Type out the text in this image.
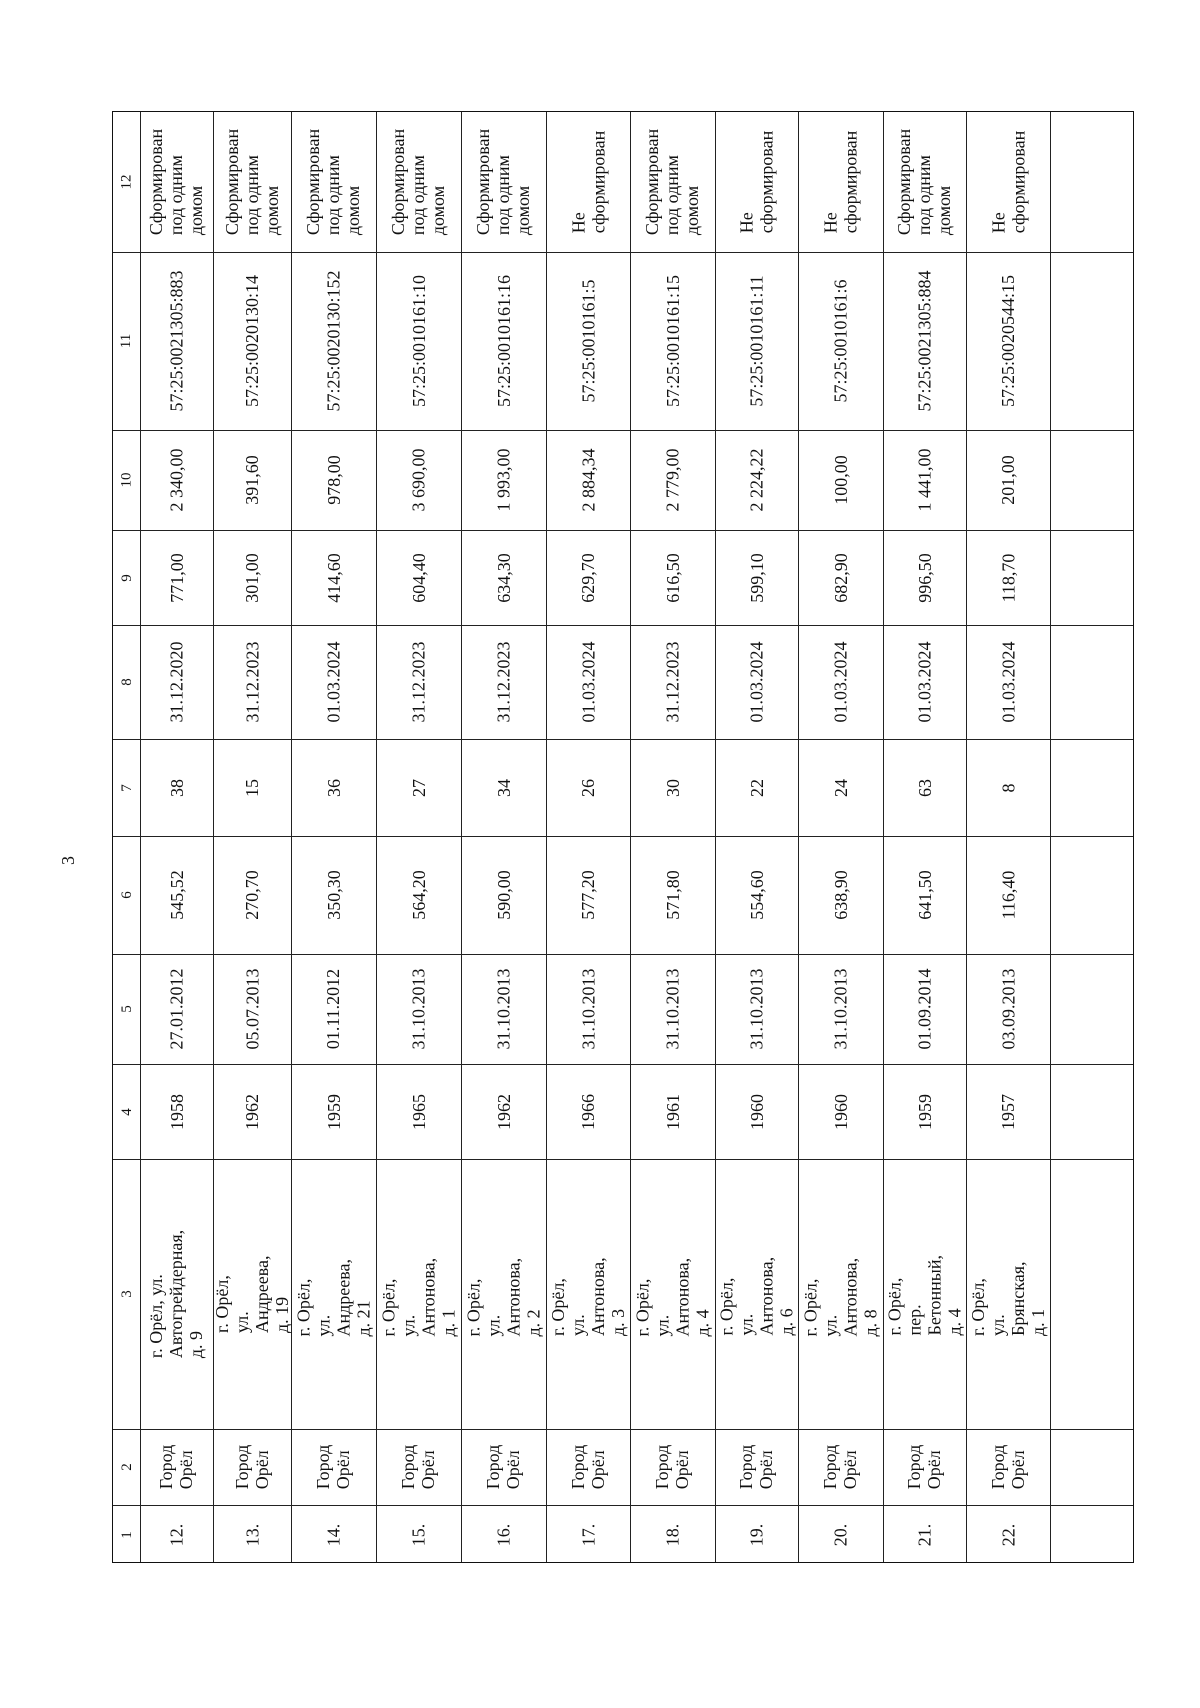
3
1
2
3
4
5
6
7
8
9
10
11
12
12.
Город
Орёл
г. Орёл, ул.
Автогрейдерная,
д. 9
1958
27.01.2012
545,52
38
31.12.2020
771,00
2 340,00
57:25:0021305:883
Сформирован
под одним
домом
13.
Город
Орёл
г. Орёл,
ул. Андреева,
д. 19
1962
05.07.2013
270,70
15
31.12.2023
301,00
391,60
57:25:0020130:14
Сформирован
под одним
домом
14.
Город
Орёл
г. Орёл,
ул. Андреева,
д. 21
1959
01.11.2012
350,30
36
01.03.2024
414,60
978,00
57:25:0020130:152
Сформирован
под одним
домом
15.
Город
Орёл
г. Орёл,
ул. Антонова, д. 1
1965
31.10.2013
564,20
27
31.12.2023
604,40
3 690,00
57:25:0010161:10
Сформирован
под одним
домом
16.
Город
Орёл
г. Орёл,
ул. Антонова, д. 2
1962
31.10.2013
590,00
34
31.12.2023
634,30
1 993,00
57:25:0010161:16
Сформирован
под одним
домом
17.
Город
Орёл
г. Орёл,
ул. Антонова, д. 3
1966
31.10.2013
577,20
26
01.03.2024
629,70
2 884,34
57:25:0010161:5
Не сформирован
18.
Город
Орёл
г. Орёл,
ул. Антонова, д. 4
1961
31.10.2013
571,80
30
31.12.2023
616,50
2 779,00
57:25:0010161:15
Сформирован
под одним
домом
19.
Город
Орёл
г. Орёл,
ул. Антонова, д. 6
1960
31.10.2013
554,60
22
01.03.2024
599,10
2 224,22
57:25:0010161:11
Не сформирован
20.
Город
Орёл
г. Орёл,
ул. Антонова, д. 8
1960
31.10.2013
638,90
24
01.03.2024
682,90
100,00
57:25:0010161:6
Не сформирован
21.
Город
Орёл
г. Орёл,
пер. Бетонный,
д. 4
1959
01.09.2014
641,50
63
01.03.2024
996,50
1 441,00
57:25:0021305:884
Сформирован
под одним
домом
22.
Город
Орёл
г. Орёл,
ул. Брянская, д. 1
1957
03.09.2013
116,40
8
01.03.2024
118,70
201,00
57:25:0020544:15
Не сформирован
